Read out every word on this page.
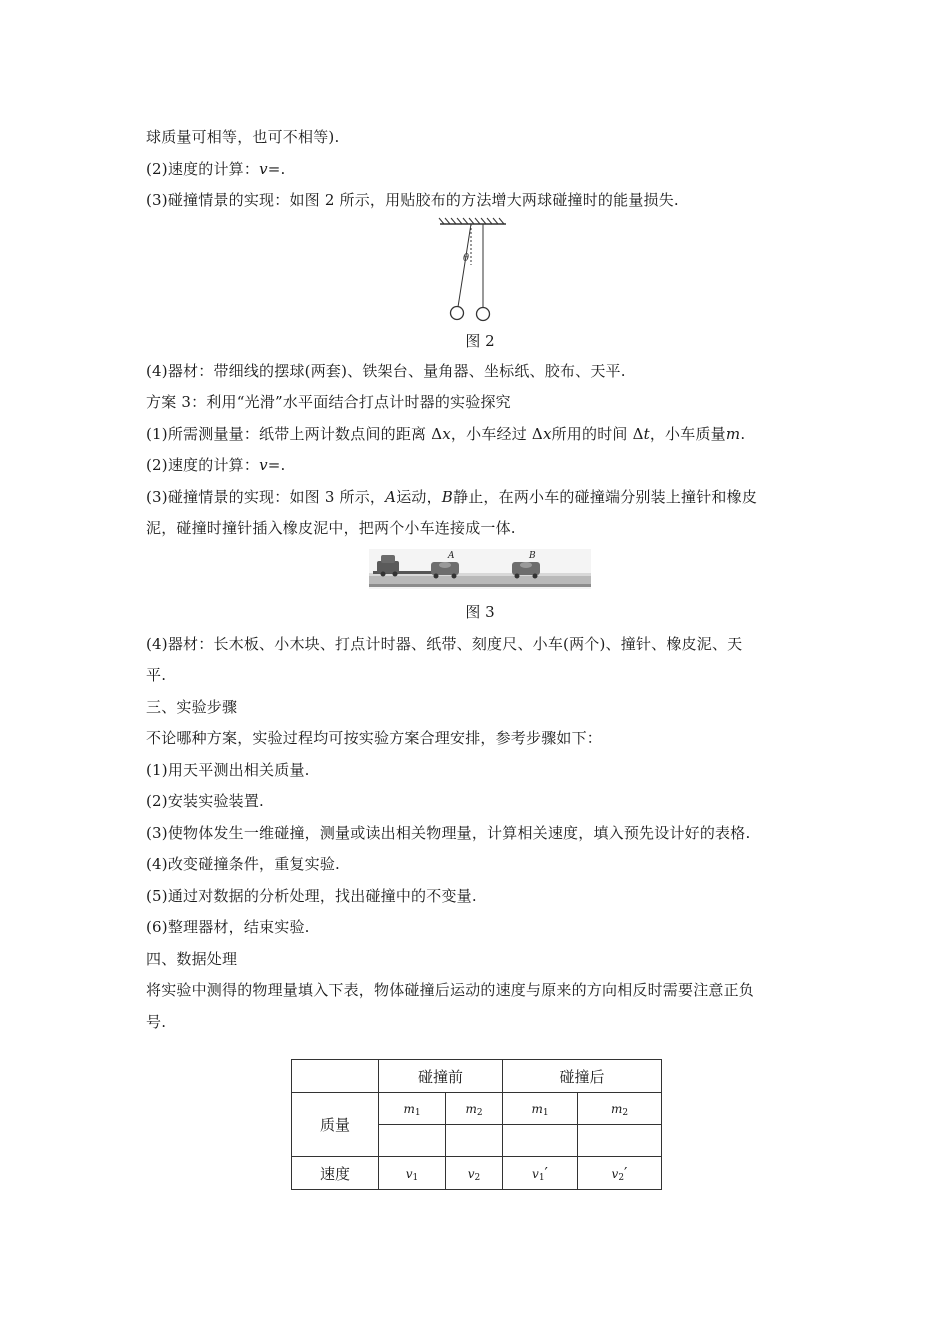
球质量可相等，也可不相等).
(2)速度的计算：v=.
(3)碰撞情景的实现：如图 2 所示，用贴胶布的方法增大两球碰撞时的能量损失.
θ
图 2
(4)器材：带细线的摆球(两套)、铁架台、量角器、坐标纸、胶布、天平.
方案 3：利用“光滑”水平面结合打点计时器的实验探究
(1)所需测量量：纸带上两计数点间的距离 Δx，小车经过 Δx所用的时间 Δt，小车质量m.
(2)速度的计算：v=.
(3)碰撞情景的实现：如图 3 所示，A运动，B静止，在两小车的碰撞端分别装上撞针和橡皮
泥，碰撞时撞针插入橡皮泥中，把两个小车连接成一体.
A	B
图 3
(4)器材：长木板、小木块、打点计时器、纸带、刻度尺、小车(两个)、撞针、橡皮泥、天
平.
三、实验步骤
不论哪种方案，实验过程均可按实验方案合理安排，参考步骤如下：
(1)用天平测出相关质量.
(2)安装实验装置.
(3)使物体发生一维碰撞，测量或读出相关物理量，计算相关速度，填入预先设计好的表格.
(4)改变碰撞条件，重复实验.
(5)通过对数据的分析处理，找出碰撞中的不变量.
(6)整理器材，结束实验.
四、数据处理
将实验中测得的物理量填入下表，物体碰撞后运动的速度与原来的方向相反时需要注意正负
号.
	碰撞前		碰撞后	
质量	$m_1$	$m_2$	$m_1$	$m_2$

速度	$v_1$	$v_2$	$v_1'$	$v_2'$
